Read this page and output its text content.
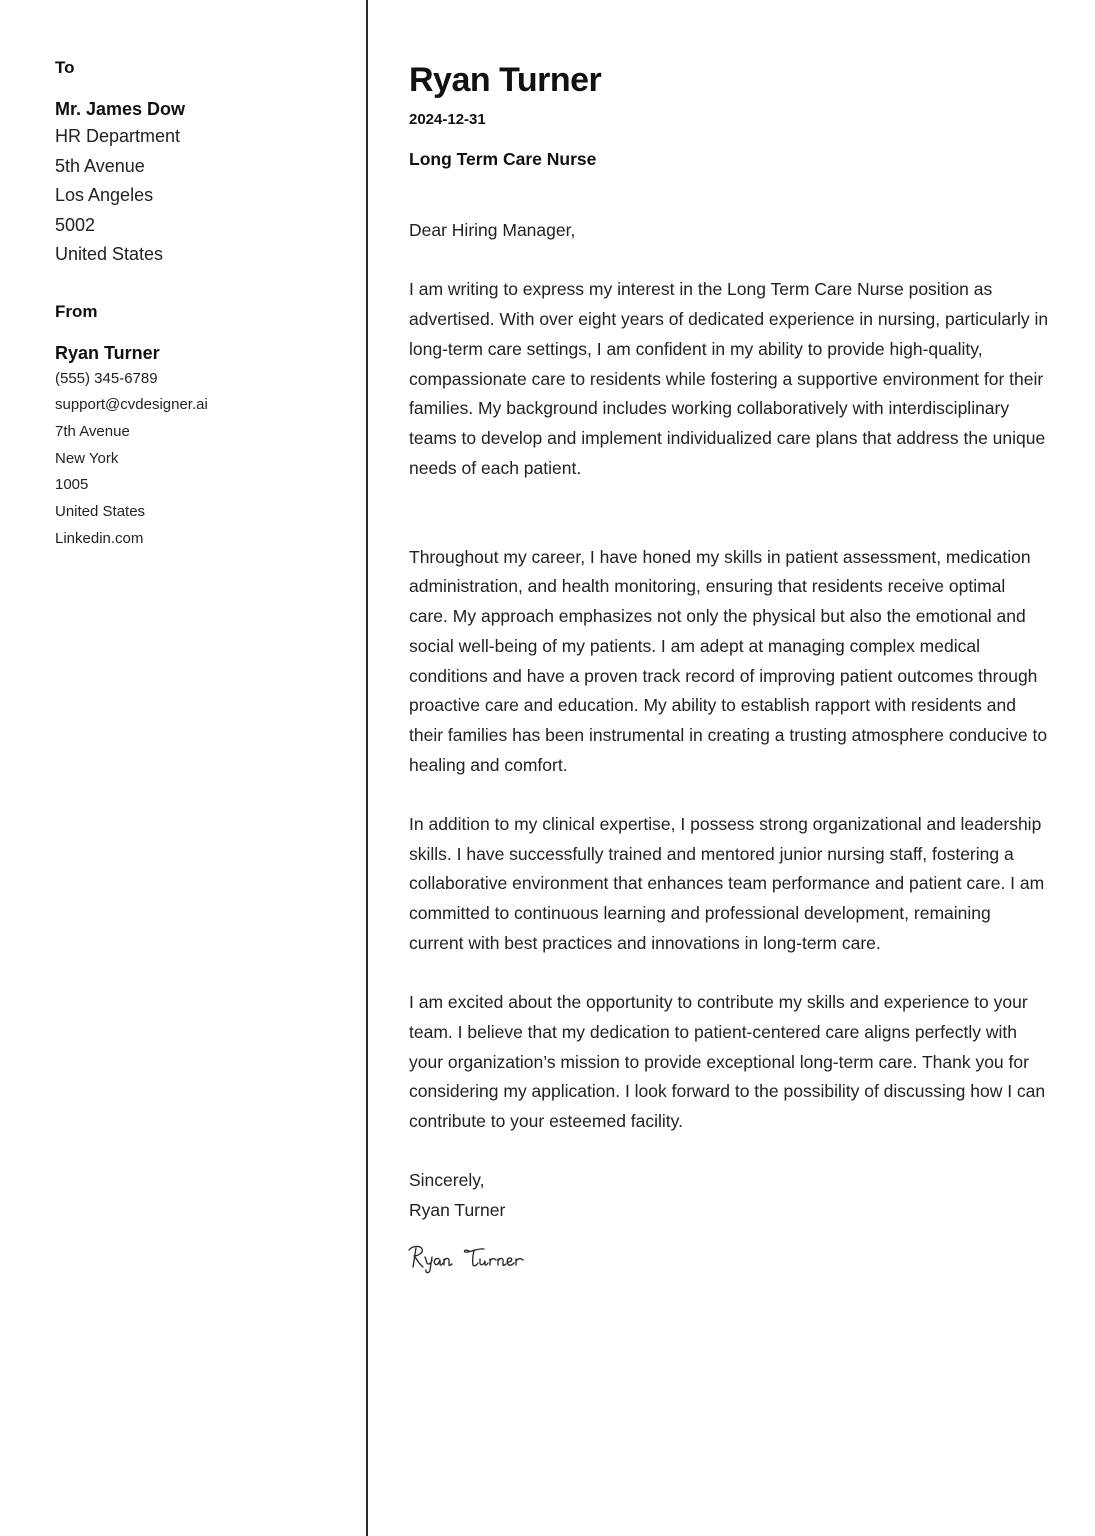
To
Mr. James Dow
HR Department
5th Avenue
Los Angeles
5002
United States
From
Ryan Turner
(555) 345-6789
support@cvdesigner.ai
7th Avenue
New York
1005
United States
Linkedin.com
Ryan Turner
2024-12-31
Long Term Care Nurse
Dear Hiring Manager,
I am writing to express my interest in the Long Term Care Nurse position as advertised. With over eight years of dedicated experience in nursing, particularly in long-term care settings, I am confident in my ability to provide high-quality, compassionate care to residents while fostering a supportive environment for their families. My background includes working collaboratively with interdisciplinary teams to develop and implement individualized care plans that address the unique needs of each patient.
Throughout my career, I have honed my skills in patient assessment, medication administration, and health monitoring, ensuring that residents receive optimal care. My approach emphasizes not only the physical but also the emotional and social well-being of my patients. I am adept at managing complex medical conditions and have a proven track record of improving patient outcomes through proactive care and education. My ability to establish rapport with residents and their families has been instrumental in creating a trusting atmosphere conducive to healing and comfort.
In addition to my clinical expertise, I possess strong organizational and leadership skills. I have successfully trained and mentored junior nursing staff, fostering a collaborative environment that enhances team performance and patient care. I am committed to continuous learning and professional development, remaining current with best practices and innovations in long-term care.
I am excited about the opportunity to contribute my skills and experience to your team. I believe that my dedication to patient-centered care aligns perfectly with your organization’s mission to provide exceptional long-term care. Thank you for considering my application. I look forward to the possibility of discussing how I can contribute to your esteemed facility.
Sincerely,
Ryan Turner
